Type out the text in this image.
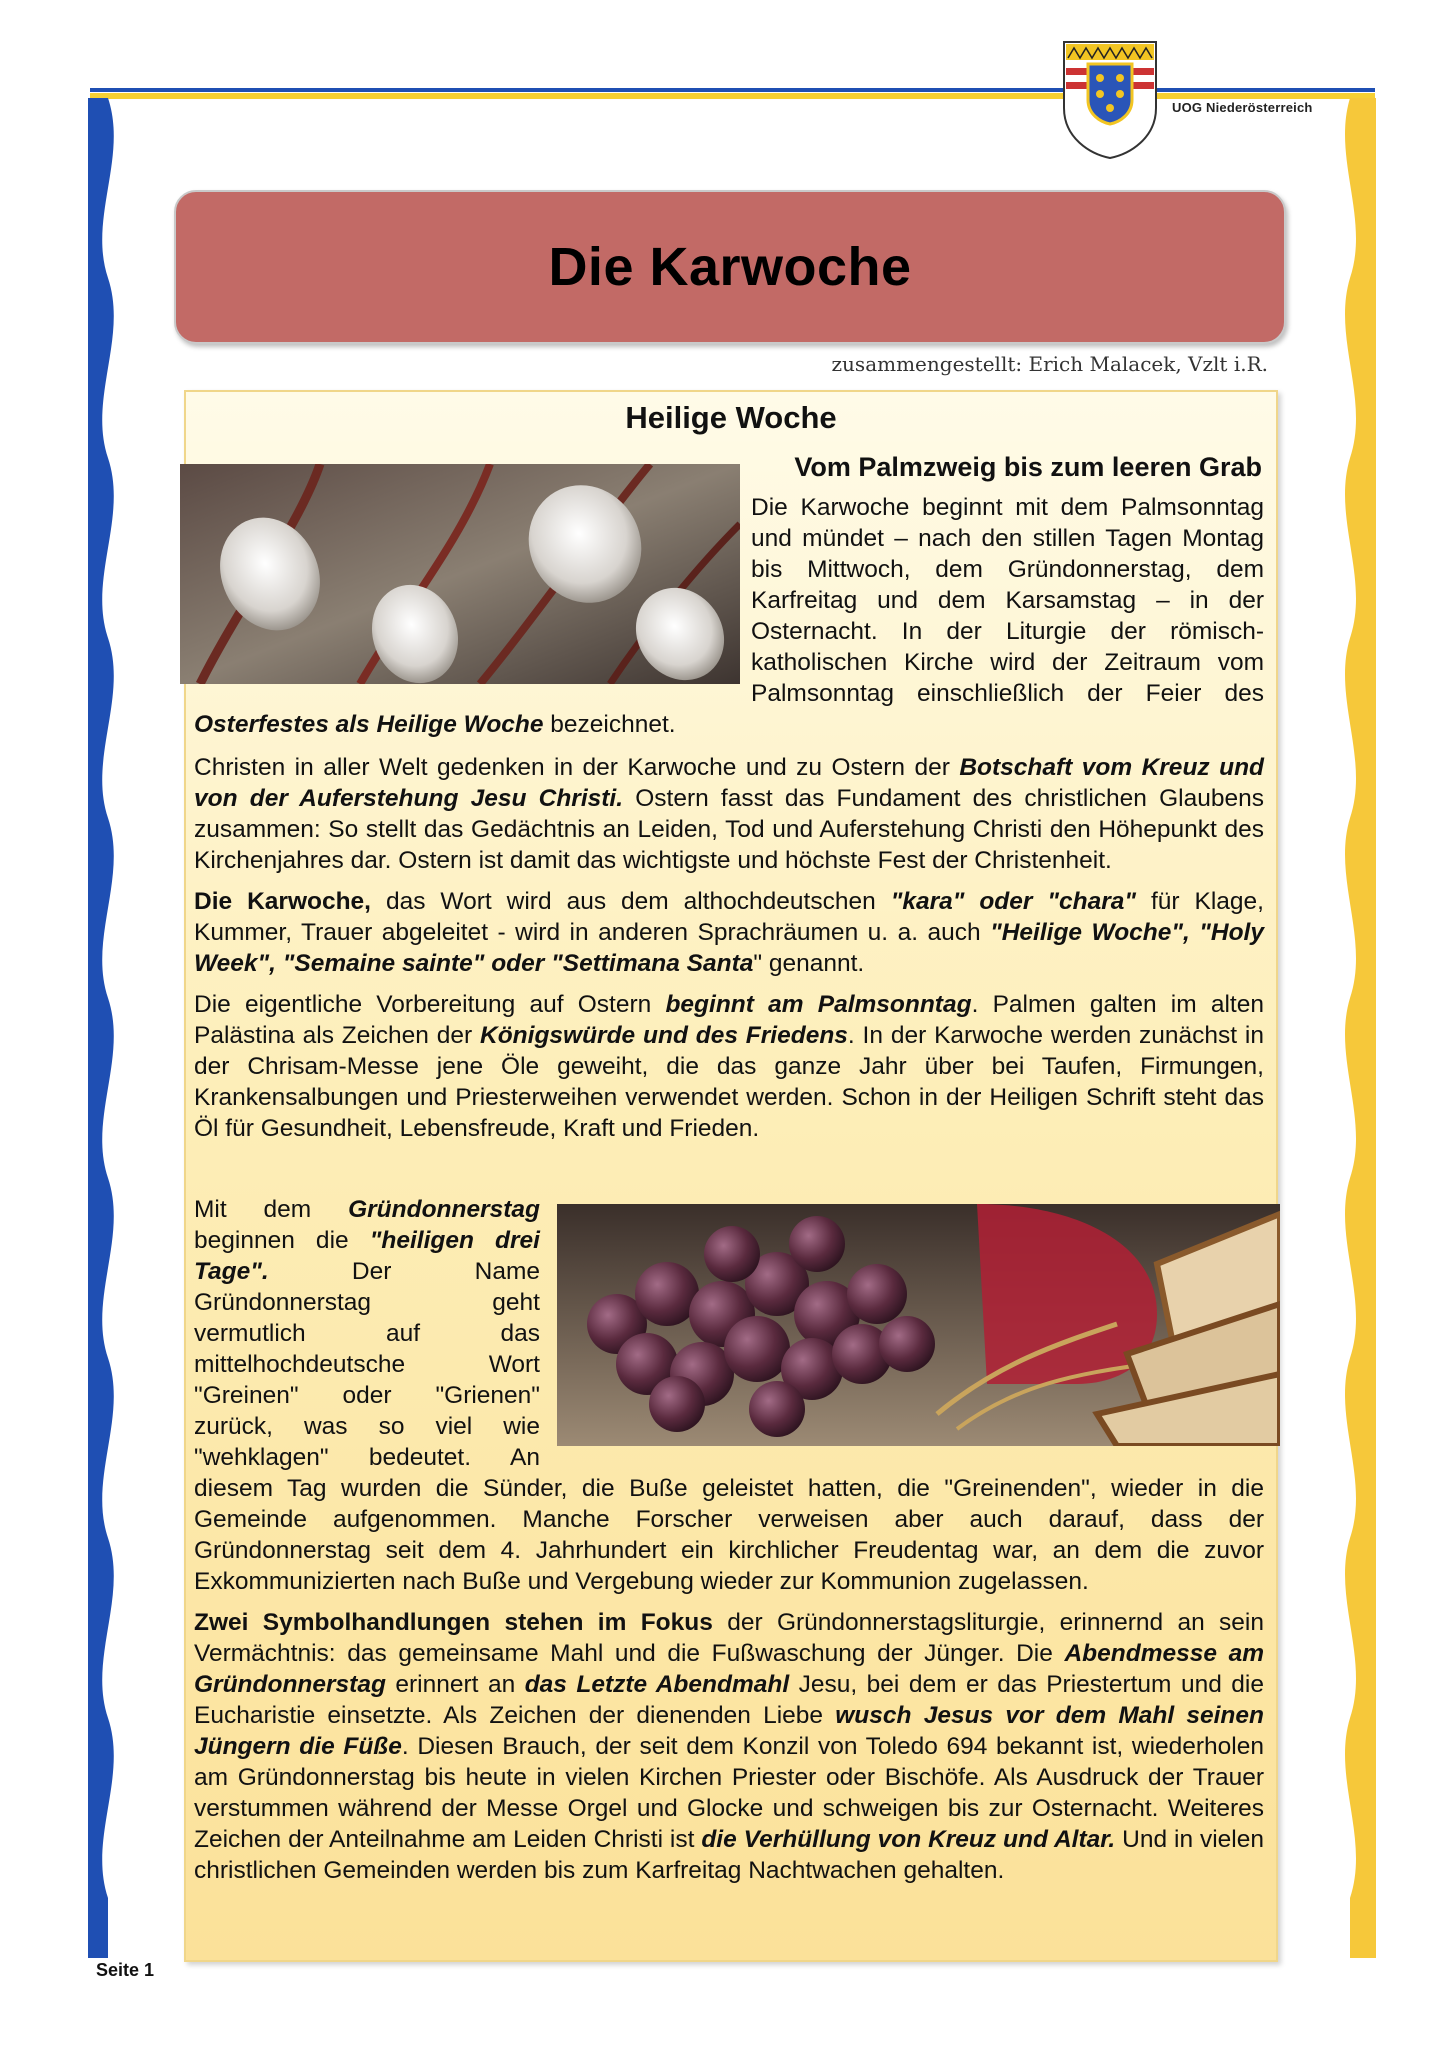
UOG Niederösterreich
Die Karwoche
zusammengestellt: Erich Malacek, Vzlt i.R.
Heilige Woche
Vom Palmzweig bis zum leeren Grab
Die Karwoche beginnt mit dem Palmsonntag und mündet – nach den stillen Tagen Montag bis Mittwoch, dem Gründonnerstag, dem Karfreitag und dem Karsamstag – in der Osternacht. In der Liturgie der römisch-katholischen Kirche wird der Zeitraum vom Palmsonntag einschließlich der Feier des Osterfestes als Heilige Woche bezeichnet.

Christen in aller Welt gedenken in der Karwoche und zu Ostern der Botschaft vom Kreuz und von der Auferstehung Jesu Christi. Ostern fasst das Fundament des christlichen Glaubens zusammen: So stellt das Gedächtnis an Leiden, Tod und Auferstehung Christi den Höhepunkt des Kirchenjahres dar. Ostern ist damit das wichtigste und höchste Fest der Christenheit.

Die Karwoche, das Wort wird aus dem althochdeutschen "kara" oder "chara" für Klage, Kummer, Trauer abgeleitet - wird in anderen Sprachräumen u. a. auch "Heilige Woche", "Holy Week", "Semaine sainte" oder "Settimana Santa" genannt.

Die eigentliche Vorbereitung auf Ostern beginnt am Palmsonntag. Palmen galten im alten Palästina als Zeichen der Königswürde und des Friedens. In der Karwoche werden zunächst in der Chrisam-Messe jene Öle geweiht, die das ganze Jahr über bei Taufen, Firmungen, Krankensalbungen und Priesterweihen verwendet werden. Schon in der Heiligen Schrift steht das Öl für Gesundheit, Lebensfreude, Kraft und Frieden.

Mit dem Gründonnerstag beginnen die "heiligen drei Tage". Der Name Gründonnerstag geht vermutlich auf das mittelhochdeutsche Wort "Greinen" oder "Grienen" zurück, was so viel wie "wehklagen" bedeutet. An diesem Tag wurden die Sünder, die Buße geleistet hatten, die "Greinenden", wieder in die Gemeinde aufgenommen. Manche Forscher verweisen aber auch darauf, dass der Gründonnerstag seit dem 4. Jahrhundert ein kirchlicher Freudentag war, an dem die zuvor Exkommunizierten nach Buße und Vergebung wieder zur Kommunion zugelassen.

Zwei Symbolhandlungen stehen im Fokus der Gründonnerstagsliturgie, erinnernd an sein Vermächtnis: das gemeinsame Mahl und die Fußwaschung der Jünger. Die Abendmesse am Gründonnerstag erinnert an das Letzte Abendmahl Jesu, bei dem er das Priestertum und die Eucharistie einsetzte. Als Zeichen der dienenden Liebe wusch Jesus vor dem Mahl seinen Jüngern die Füße. Diesen Brauch, der seit dem Konzil von Toledo 694 bekannt ist, wiederholen am Gründonnerstag bis heute in vielen Kirchen Priester oder Bischöfe. Als Ausdruck der Trauer verstummen während der Messe Orgel und Glocke und schweigen bis zur Osternacht. Weiteres Zeichen der Anteilnahme am Leiden Christi ist die Verhüllung von Kreuz und Altar. Und in vielen christlichen Gemeinden werden bis zum Karfreitag Nachtwachen gehalten.

Seite 1
